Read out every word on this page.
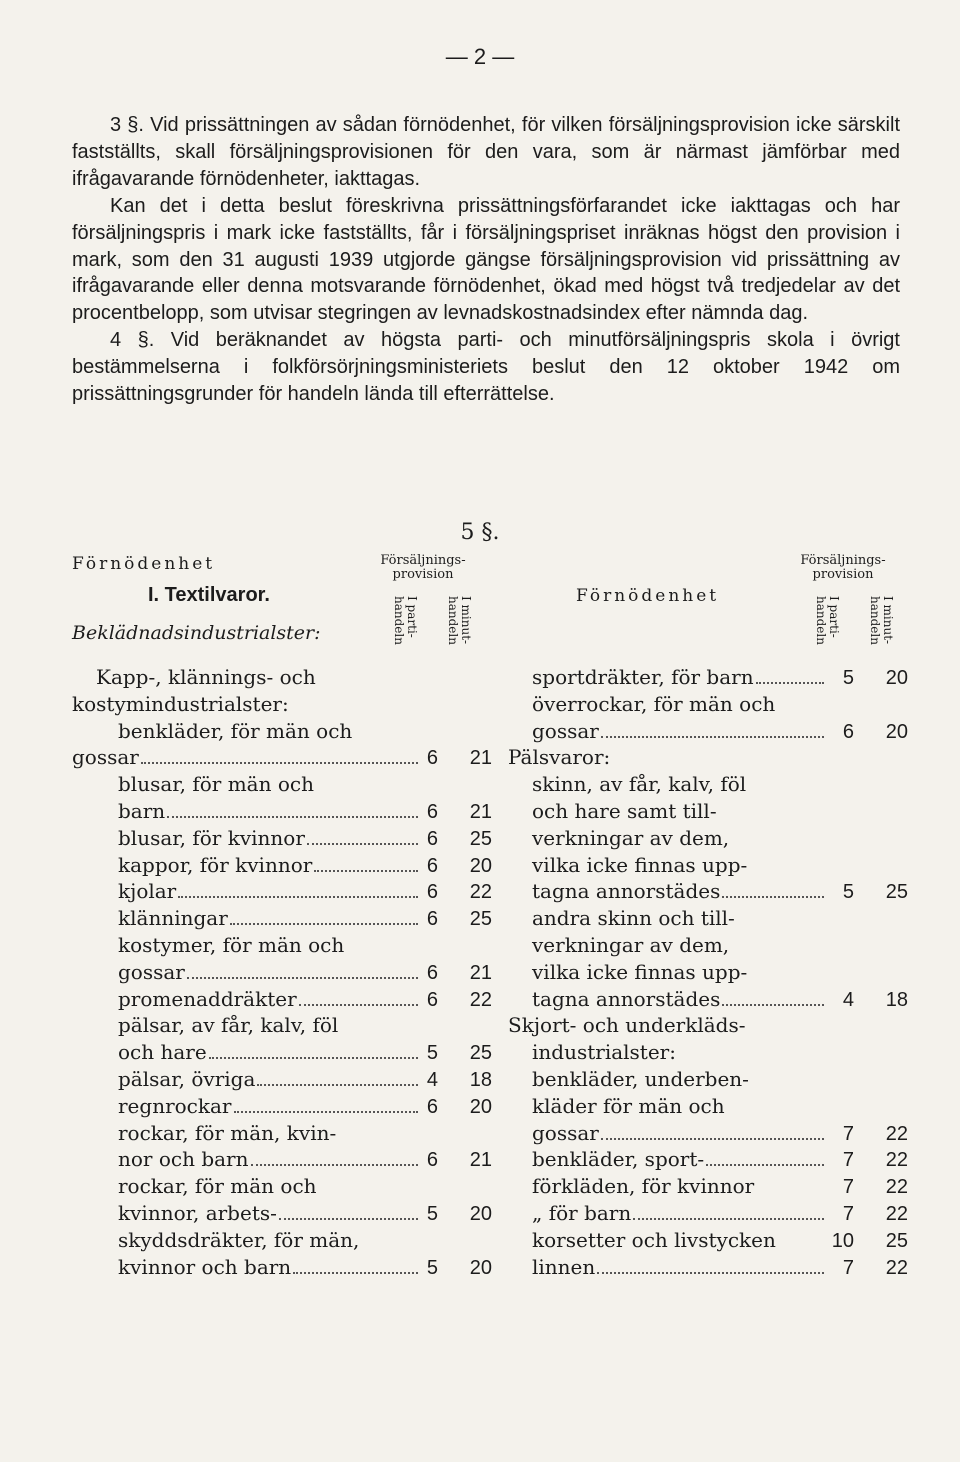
— 2 —

3 §. Vid prissättningen av sådan förnödenhet, för vilken försäljningsprovision icke särskilt fastställts, skall försäljningsprovisionen för den vara, som är närmast jämförbar med ifrågavarande förnödenheter, iakttagas.

Kan det i detta beslut föreskrivna prissättningsförfarandet icke iakttagas och har försäljningspris i mark icke fastställts, får i försäljningspriset inräknas högst den provision i mark, som den 31 augusti 1939 utgjorde gängse försäljningsprovision vid prissättning av ifrågavarande eller denna motsvarande förnödenhet, ökad med högst två tredjedelar av det procentbelopp, som utvisar stegringen av levnadskostnadsindex efter nämnda dag.

4 §. Vid beräknandet av högsta parti- och minutförsäljningspris skola i övrigt bestämmelserna i folkförsörjningsministeriets beslut den 12 oktober 1942 om prissättningsgrunder för handeln lända till efterrättelse.

5 §.
Förnödenhet	Försäljnings-provision
I. Textilvaror.
Beklädnadsindustrialster:	I parti-handeln	I minut-handeln
Kapp-, klännings- och
kostymindustrialster:
benkläder, för män och
gossar	6	21
blusar, för män och
barn	6	21
blusar, för kvinnor	6	25
kappor, för kvinnor	6	20
kjolar	6	22
klänningar	6	25
kostymer, för män och
gossar	6	21
promenaddräkter	6	22
pälsar, av får, kalv, föl
och hare	5	25
pälsar, övriga	4	18
regnrockar	6	20
rockar, för män, kvin-
nor och barn	6	21
rockar, för män och
kvinnor, arbets-	5	20
skyddsdräkter, för män,
kvinnor och barn	5	20
Försäljnings-provision
Förnödenhet	I parti-handeln	I minut-handeln
sportdräkter, för barn	5	20
överrockar, för män och
gossar	6	20
Pälsvaror:
skinn, av får, kalv, föl
och hare samt till-
verkningar av dem,
vilka icke finnas upp-
tagna annorstädes	5	25
andra skinn och till-
verkningar av dem,
vilka icke finnas upp-
tagna annorstädes	4	18
Skjort- och underkläds-
industrialster:
benkläder, underben-
kläder för män och
gossar	7	22
benkläder, sport-	7	22
förkläden, för kvinnor	7	22
„ för barn	7	22
korsetter och livstycken	10	25
linnen	7	22
